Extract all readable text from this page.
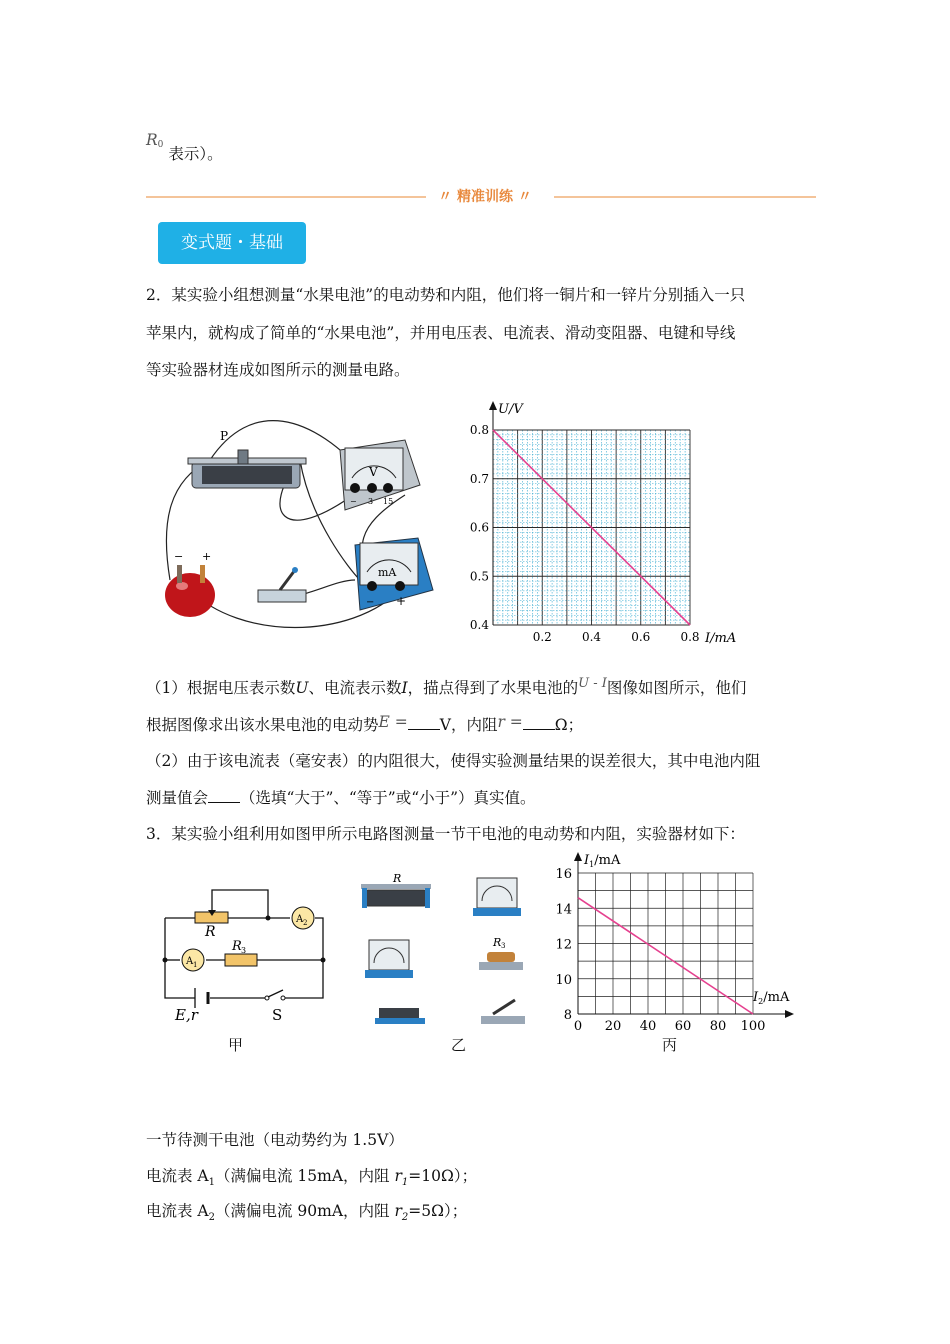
R0 表示）。
〃 精准训练 〃
变式题・基础
2．某实验小组想测量“水果电池”的电动势和内阻，他们将一铜片和一锌片分别插入一只
苹果内，就构成了简单的“水果电池”，并用电压表、电流表、滑动变阻器、电键和导线
等实验器材连成如图所示的测量电路。
P
V
− 3 15
mA
− +
− +
U/V
I/mA
0.8
0.7
0.6
0.5
0.4
0.2	0.4	0.6	0.8
（1）根据电压表示数U、电流表示数I，描点得到了水果电池的$^{U - I}$图像如图所示，他们
根据图像求出该水果电池的电动势E = V，内阻r = Ω；
（2）由于该电流表（毫安表）的内阻很大，使得实验测量结果的误差很大，其中电池内阻
测量值会 （选填“大于”、“等于”或“小于”）真实值。
3．某实验小组利用如图甲所示电路图测量一节干电池的电动势和内阻，实验器材如下：
R
A 2
A 1
R 3
E,r	S
R
R 3
$I_1/mA$
$I_2/mA$
16
14
12
10
8
0 20 40 60 80 100
甲	乙	丙
一节待测干电池（电动势约为 1.5V）
电流表 $A_1$（满偏电流 15mA，内阻 $r_1=10\Omega$）；
电流表 $A_2$（满偏电流 90mA，内阻 $r_2=5\Omega$）；
